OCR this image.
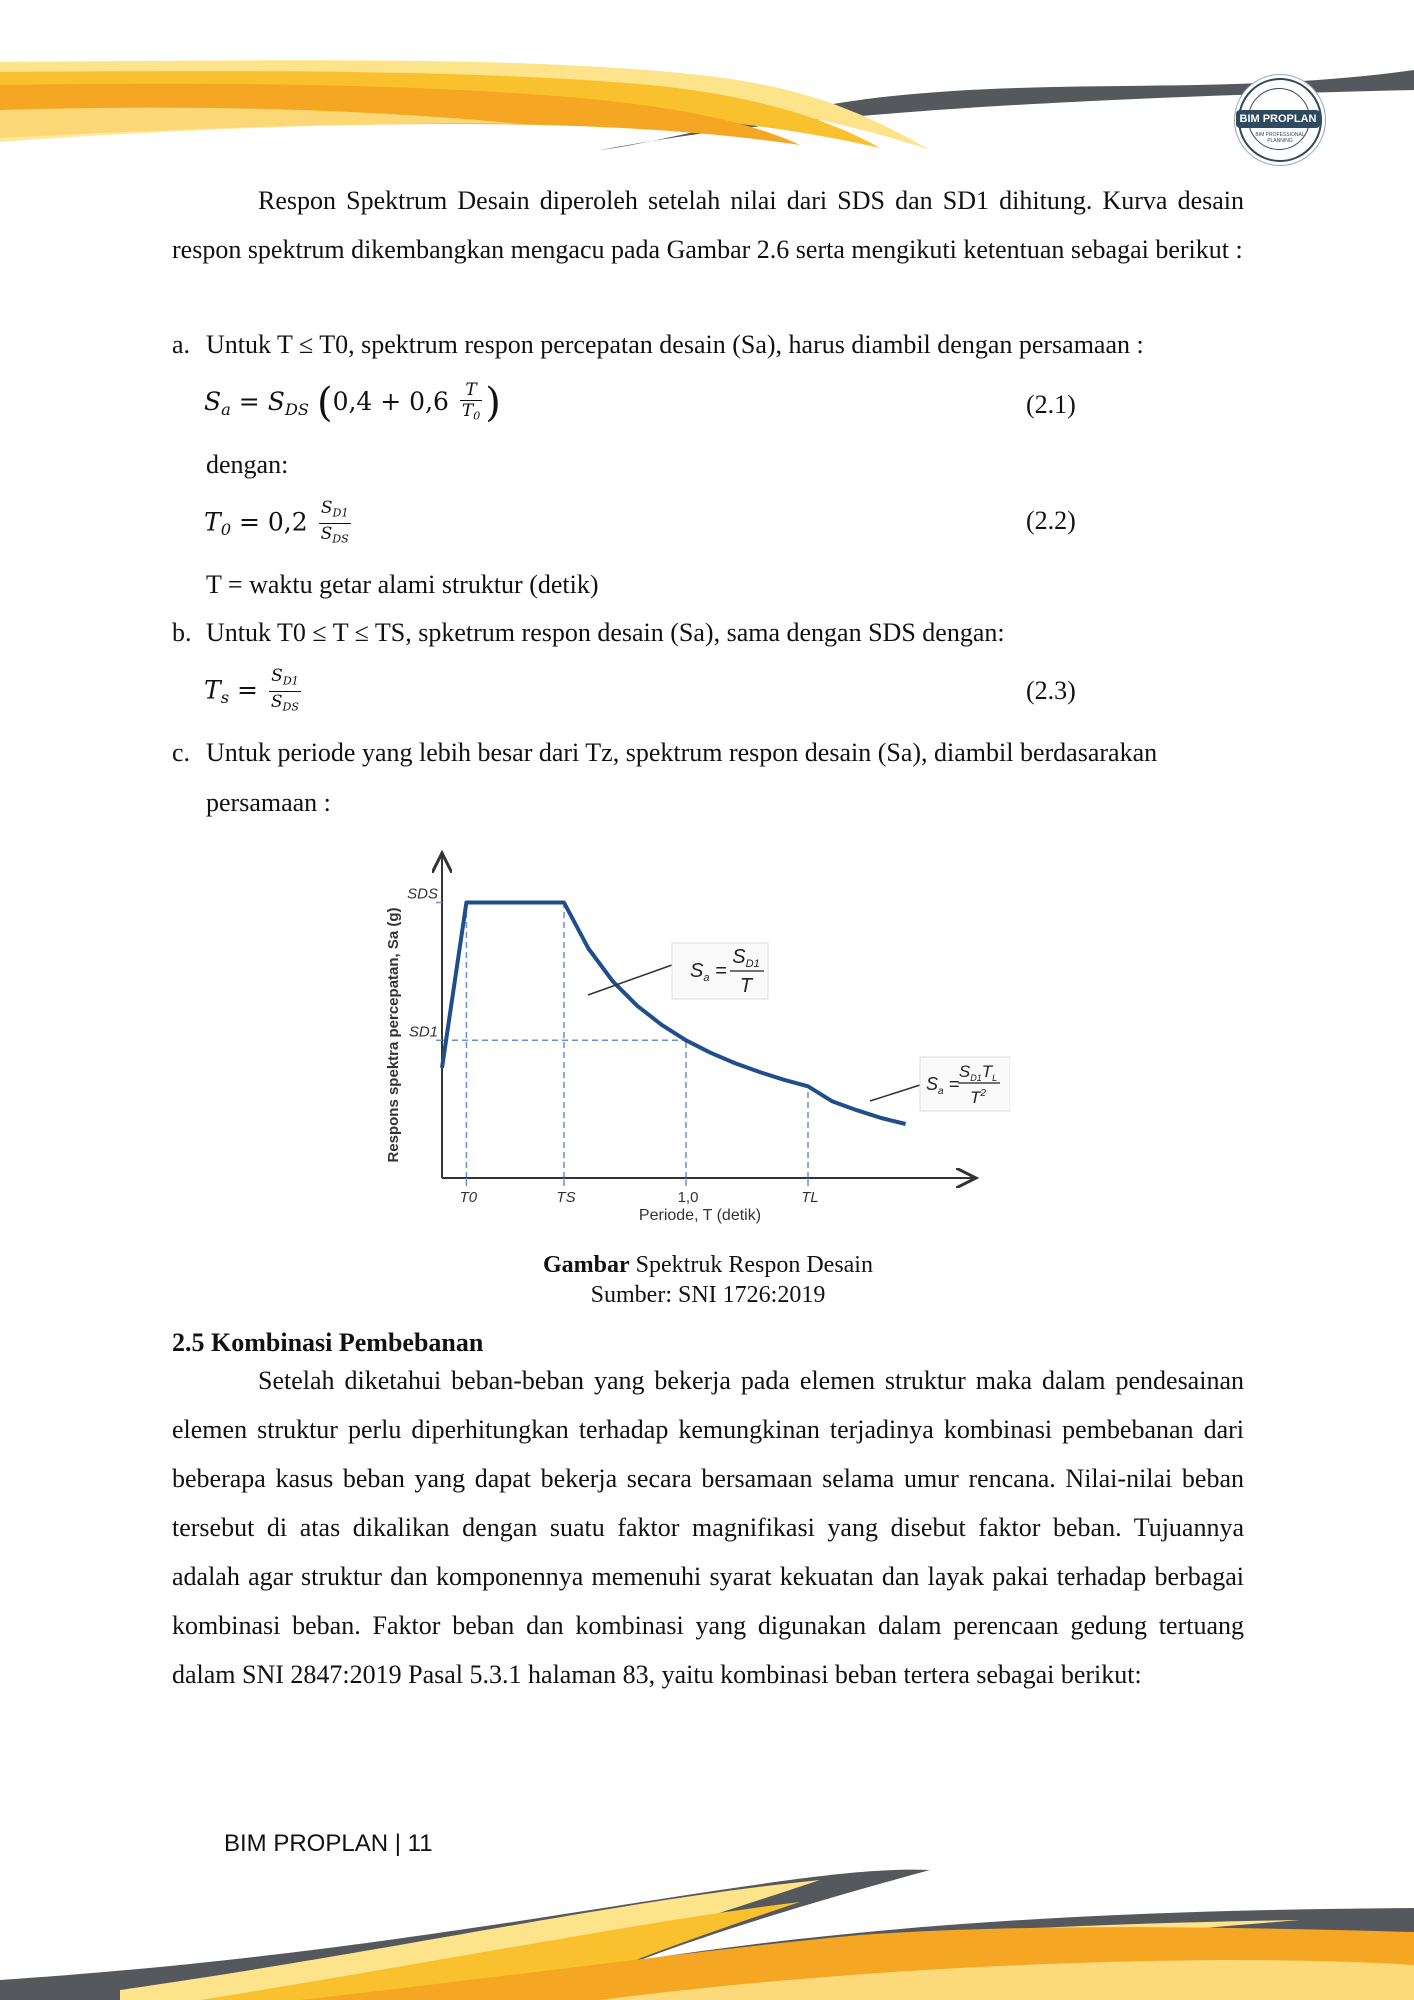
BIM PROPLAN
BIM PROFESSIONAL PLANNING

Respon Spektrum Desain diperoleh setelah nilai dari SDS dan SD1 dihitung. Kurva desain respon spektrum dikembangkan mengacu pada Gambar 2.6 serta mengikuti ketentuan sebagai berikut :

a. Untuk T ≤ T0, spektrum respon percepatan desain (Sa), harus diambil dengan persamaan :
$S_a = S_{DS}$ ($0,4 + 0,6 \frac{T}{T_0}$ )	(2.1)
dengan:
$T_0 = 0,2 \frac{S_{D1}}{S_{DS}}$	(2.2)
T = waktu getar alami struktur (detik)
b. Untuk T0 ≤ T ≤ TS, spketrum respon desain (Sa), sama dengan SDS dengan:
$T_s = \frac{S_{D1}}{S_{DS}}$	(2.3)
c. Untuk periode yang lebih besar dari Tz, spektrum respon desain (Sa), diambil berdasarakan
persamaan :
T0	TS	1,0	TL
SDS
SD1
Respons spektra percepatan, Sa (g)
Periode, T (detik)
$S_a$ =
$S_{D1}$
T
$S_a$ =
$S_{D1}T_L$
$T^2$
Gambar Spektruk Respon Desain
Sumber: SNI 1726:2019
2.5 Kombinasi Pembebanan

Setelah diketahui beban-beban yang bekerja pada elemen struktur maka dalam pendesainan elemen struktur perlu diperhitungkan terhadap kemungkinan terjadinya kombinasi pembebanan dari beberapa kasus beban yang dapat bekerja secara bersamaan selama umur rencana. Nilai-nilai beban tersebut di atas dikalikan dengan suatu faktor magnifikasi yang disebut faktor beban. Tujuannya adalah agar struktur dan komponennya memenuhi syarat kekuatan dan layak pakai terhadap berbagai kombinasi beban. Faktor beban dan kombinasi yang digunakan dalam perencaan gedung tertuang dalam SNI 2847:2019 Pasal 5.3.1 halaman 83, yaitu kombinasi beban tertera sebagai berikut:

BIM PROPLAN | 11
